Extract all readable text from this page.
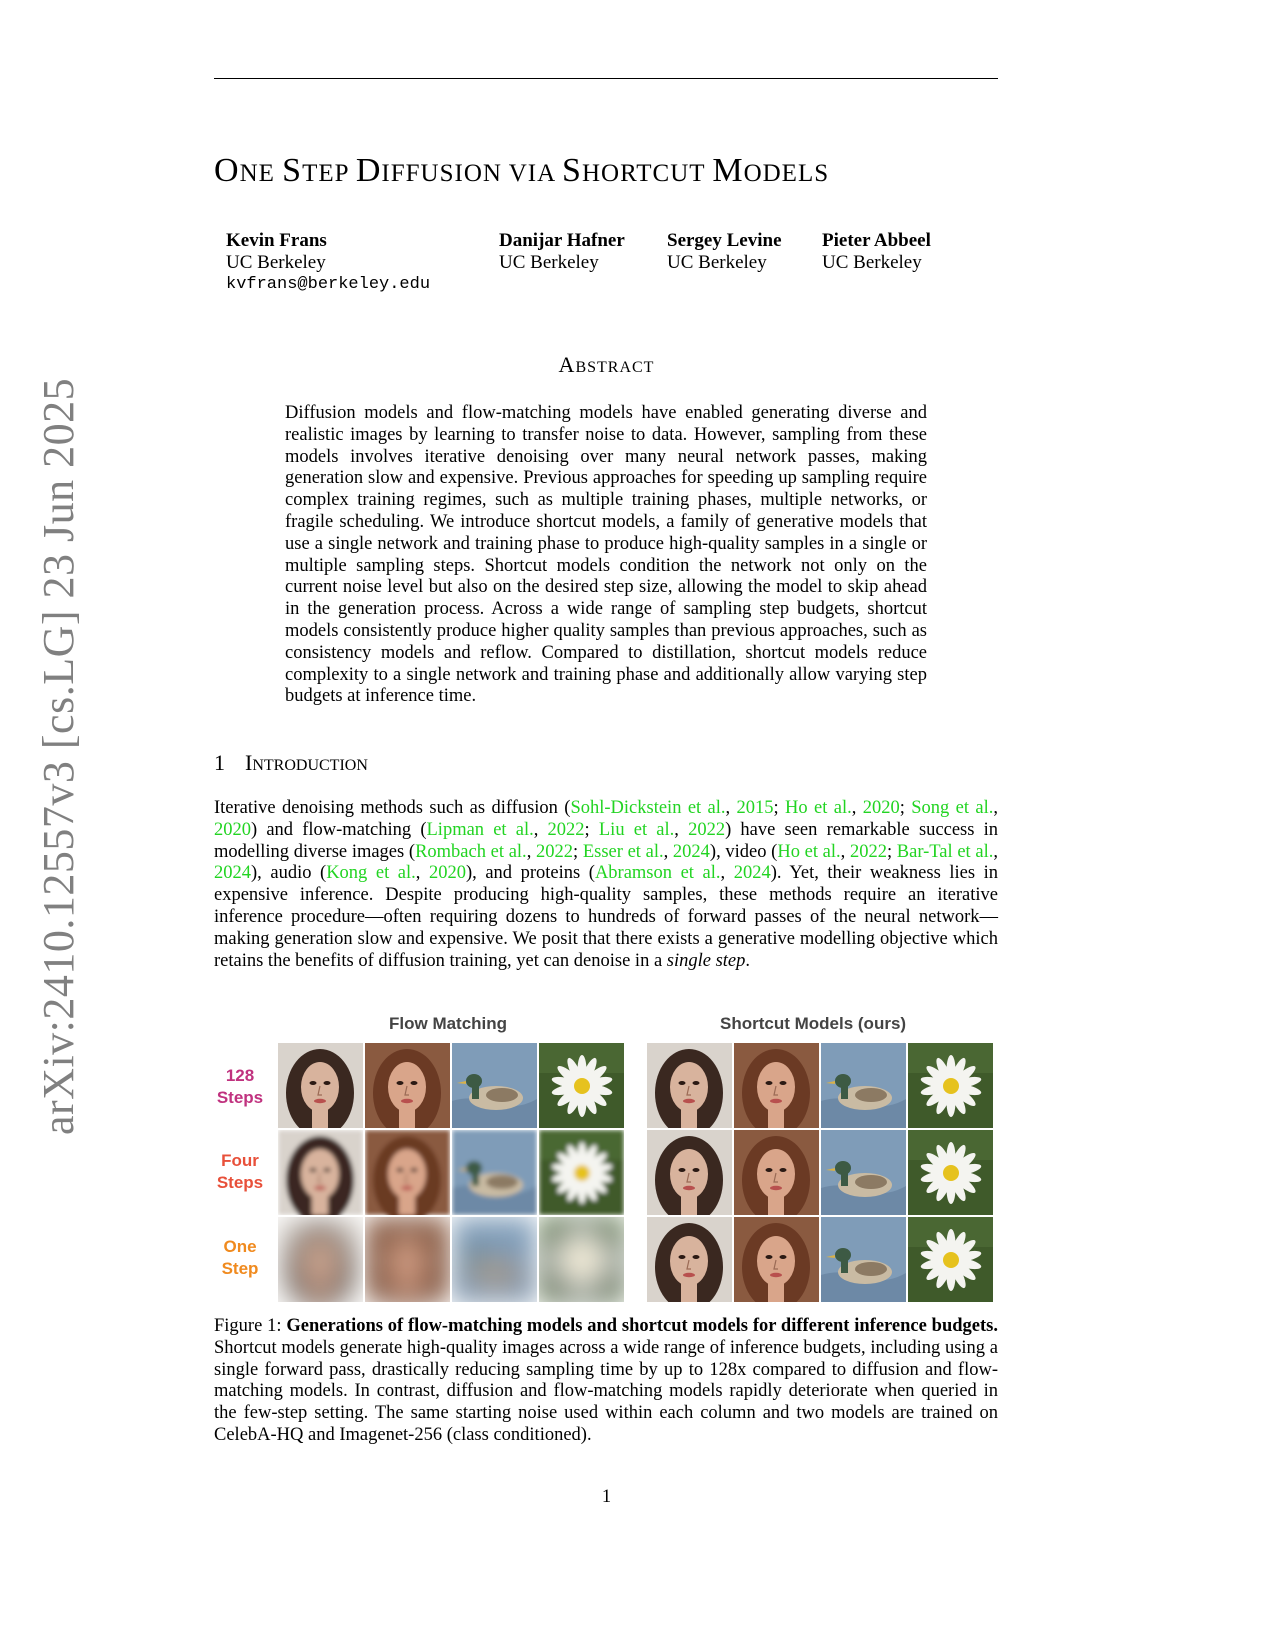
arXiv:2410.12557v3 [cs.LG] 23 Jun 2025
ONE STEP DIFFUSION VIA SHORTCUT MODELS
Kevin Frans
UC Berkeley
kvfrans@berkeley.edu
Danijar Hafner
UC Berkeley
Sergey Levine
UC Berkeley
Pieter Abbeel
UC Berkeley
ABSTRACT
Diffusion models and flow-matching models have enabled generating diverse and realistic images by learning to transfer noise to data. However, sampling from these models involves iterative denoising over many neural network passes, making generation slow and expensive. Previous approaches for speeding up sampling require complex training regimes, such as multiple training phases, multiple networks, or fragile scheduling. We introduce shortcut models, a family of generative models that use a single network and training phase to produce high-quality samples in a single or multiple sampling steps. Shortcut models condition the network not only on the current noise level but also on the desired step size, allowing the model to skip ahead in the generation process. Across a wide range of sampling step budgets, shortcut models consistently produce higher quality samples than previous approaches, such as consistency models and reflow. Compared to distillation, shortcut models reduce complexity to a single network and training phase and additionally allow varying step budgets at inference time.
1 INTRODUCTION
Iterative denoising methods such as diffusion (Sohl-Dickstein et al., 2015; Ho et al., 2020; Song et al., 2020) and flow-matching (Lipman et al., 2022; Liu et al., 2022) have seen remarkable success in modelling diverse images (Rombach et al., 2022; Esser et al., 2024), video (Ho et al., 2022; Bar-Tal et al., 2024), audio (Kong et al., 2020), and proteins (Abramson et al., 2024). Yet, their weakness lies in expensive inference. Despite producing high-quality samples, these methods require an iterative inference procedure—often requiring dozens to hundreds of forward passes of the neural network—making generation slow and expensive. We posit that there exists a generative modelling objective which retains the benefits of diffusion training, yet can denoise in a single step.
Flow Matching	Shortcut Models (ours)
128
Steps
Four
Steps
One
Step
Figure 1: Generations of flow-matching models and shortcut models for different inference budgets. Shortcut models generate high-quality images across a wide range of inference budgets, including using a single forward pass, drastically reducing sampling time by up to 128x compared to diffusion and flow-matching models. In contrast, diffusion and flow-matching models rapidly deteriorate when queried in the few-step setting. The same starting noise used within each column and two models are trained on CelebA-HQ and Imagenet-256 (class conditioned).
1
